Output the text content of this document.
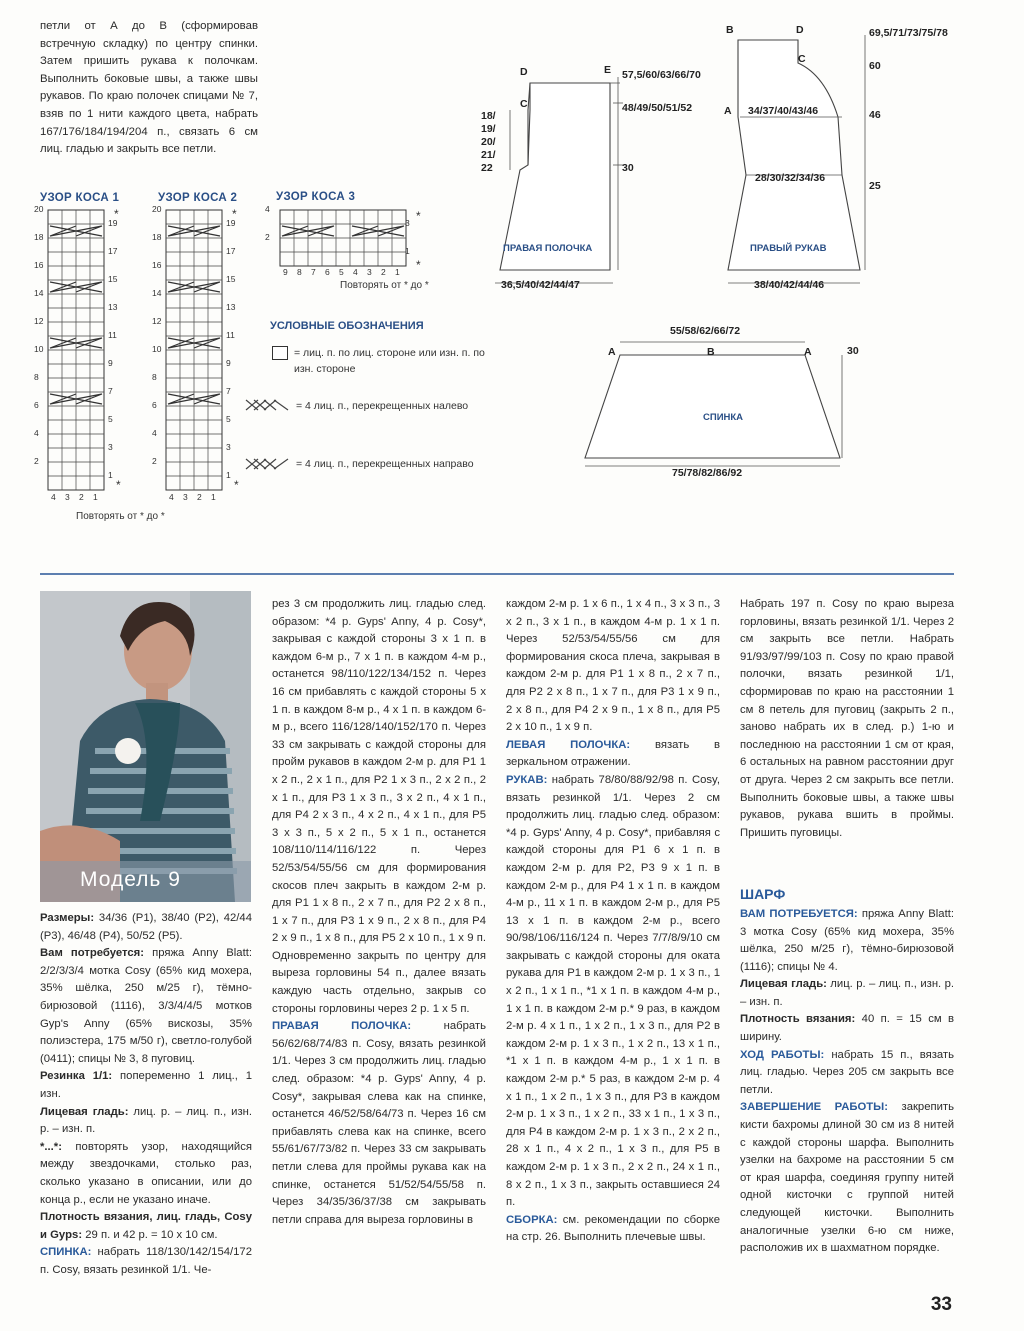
петли от А до В (сформировав встречную складку) по центру спинки. Затем пришить рукава к полочкам. Выполнить боковые швы, а также швы рукавов. По краю полочек спицами № 7, взяв по 1 нити каждого цвета, набрать 167/176/184/194/204 п., связать 6 см лиц. гладью и закрыть все петли.
УЗОР КОСА 1	УЗОР КОСА 2	УЗОР КОСА 3
20
18
16
14
12
10
8
6
4
2
19
17
15
13
11
9
7
5
3
1
4 3 2 1
20
18
16
14
12
10
8
6
4
2
19
17
15
13
11
9
7
5
3
1
4 3 2 1
4
2
3
1
9 8 7 6 5 4 3 2 1
Повторять от * до *
Повторять от * до *
УСЛОВНЫЕ ОБОЗНАЧЕНИЯ
= лиц. п. по лиц. стороне или изн. п. по изн. стороне
= 4 лиц. п., перекрещенных налево
= 4 лиц. п., перекрещенных направо
D	E
C
57,5/60/63/66/70
48/49/50/51/52
30
18/
19/
20/
21/
22
ПРАВАЯ ПОЛОЧКА
36,5/40/42/44/47
B	D
C
A
69,5/71/73/75/78
60
46
25
34/37/40/43/46
28/30/32/34/36
ПРАВЫЙ РУКАВ
38/40/42/44/46
55/58/62/66/72
A	B	A	30
СПИНКА
75/78/82/86/92
Модель 9

Размеры: 34/36 (Р1), 38/40 (Р2), 42/44 (Р3), 46/48 (Р4), 50/52 (Р5).

Вам потребуется: пряжа Anny Blatt: 2/2/3/3/4 мотка Cosy (65% кид мохера, 35% шёлка, 250 м/25 г), тёмно-бирюзовой (1116), 3/3/4/4/5 мотков Gyp's Anny (65% вискозы, 35% полиэстера, 175 м/50 г), светло-голубой (0411); спицы № 3, 8 пуговиц.

Резинка 1/1: попеременно 1 лиц., 1 изн.

Лицевая гладь: лиц. р. – лиц. п., изн. р. – изн. п.

*...*: повторять узор, находящийся между звездочками, столько раз, сколько указано в описании, или до конца р., если не указано иначе.

Плотность вязания, лиц. гладь, Cosy и Gyps: 29 п. и 42 р. = 10 х 10 см.

СПИНКА: набрать 118/130/142/154/172 п. Cosy, вязать резинкой 1/1. Че-

рез 3 см продолжить лиц. гладью след. образом: *4 р. Gyps' Anny, 4 р. Cosy*, закрывая с каждой стороны 3 х 1 п. в каждом 6-м р., 7 х 1 п. в каждом 4-м р., останется 98/110/122/134/152 п. Через 16 см прибавлять с каждой стороны 5 х 1 п. в каждом 8-м р., 4 х 1 п. в каждом 6-м р., всего 116/128/140/152/170 п. Через 33 см закрывать с каждой стороны для пройм рукавов в каждом 2-м р. для Р1 1 х 2 п., 2 х 1 п., для Р2 1 х 3 п., 2 х 2 п., 2 х 1 п., для Р3 1 х 3 п., 3 х 2 п., 4 х 1 п., для Р4 2 х 3 п., 4 х 2 п., 4 х 1 п., для Р5 3 х 3 п., 5 х 2 п., 5 х 1 п., останется 108/110/114/116/122 п. Через 52/53/54/55/56 см для формирования скосов плеч закрыть в каждом 2-м р. для Р1 1 х 8 п., 2 х 7 п., для Р2 2 х 8 п., 1 х 7 п., для Р3 1 х 9 п., 2 х 8 п., для Р4 2 х 9 п., 1 х 8 п., для Р5 2 х 10 п., 1 х 9 п. Одновременно закрыть по центру для выреза горловины 54 п., далее вязать каждую часть отдельно, закрыв со стороны горловины через 2 р. 1 х 5 п.

ПРАВАЯ ПОЛОЧКА: набрать 56/62/68/74/83 п. Cosy, вязать резинкой 1/1. Через 3 см продолжить лиц. гладью след. образом: *4 р. Gyps' Anny, 4 р. Cosy*, закрывая слева как на спинке, останется 46/52/58/64/73 п. Через 16 см прибавлять слева как на спинке, всего 55/61/67/73/82 п. Через 33 см закрывать петли слева для проймы рукава как на спинке, останется 51/52/54/55/58 п. Через 34/35/36/37/38 см закрывать петли справа для выреза горловины в

каждом 2-м р. 1 х 6 п., 1 х 4 п., 3 х 3 п., 3 х 2 п., 3 х 1 п., в каждом 4-м р. 1 х 1 п. Через 52/53/54/55/56 см для формирования скоса плеча, закрывая в каждом 2-м р. для Р1 1 х 8 п., 2 х 7 п., для Р2 2 х 8 п., 1 х 7 п., для Р3 1 х 9 п., 2 х 8 п., для Р4 2 х 9 п., 1 х 8 п., для Р5 2 х 10 п., 1 х 9 п.

ЛЕВАЯ ПОЛОЧКА: вязать в зеркальном отражении.

РУКАВ: набрать 78/80/88/92/98 п. Cosy, вязать резинкой 1/1. Через 2 см продолжить лиц. гладью след. образом: *4 р. Gyps' Anny, 4 р. Cosy*, прибавляя с каждой стороны для Р1 6 х 1 п. в каждом 2-м р. для Р2, Р3 9 х 1 п. в каждом 2-м р., для Р4 1 х 1 п. в каждом 4-м р., 11 х 1 п. в каждом 2-м р., для Р5 13 х 1 п. в каждом 2-м р., всего 90/98/106/116/124 п. Через 7/7/8/9/10 см закрывать с каждой стороны для оката рукава для Р1 в каждом 2-м р. 1 х 3 п., 1 х 2 п., 1 х 1 п., *1 х 1 п. в каждом 4-м р., 1 х 1 п. в каждом 2-м р.* 9 раз, в каждом 2-м р. 4 х 1 п., 1 х 2 п., 1 х 3 п., для Р2 в каждом 2-м р. 1 х 3 п., 1 х 2 п., 13 х 1 п., *1 х 1 п. в каждом 4-м р., 1 х 1 п. в каждом 2-м р.* 5 раз, в каждом 2-м р. 4 х 1 п., 1 х 2 п., 1 х 3 п., для Р3 в каждом 2-м р. 1 х 3 п., 1 х 2 п., 33 х 1 п., 1 х 3 п., для Р4 в каждом 2-м р. 1 х 3 п., 2 х 2 п., 28 х 1 п., 4 х 2 п., 1 х 3 п., для Р5 в каждом 2-м р. 1 х 3 п., 2 х 2 п., 24 х 1 п., 8 х 2 п., 1 х 3 п., закрыть оставшиеся 24 п.

СБОРКА: см. рекомендации по сборке на стр. 26. Выполнить плечевые швы.

Набрать 197 п. Cosy по краю выреза горловины, вязать резинкой 1/1. Через 2 см закрыть все петли. Набрать 91/93/97/99/103 п. Cosy по краю правой полочки, вязать резинкой 1/1, сформировав по краю на расстоянии 1 см 8 петель для пуговиц (закрыть 2 п., заново набрать их в след. р.) 1-ю и последнюю на расстоянии 1 см от края, 6 остальных на равном расстоянии друг от друга. Через 2 см закрыть все петли. Выполнить боковые швы, а также швы рукавов, рукава вшить в проймы. Пришить пуговицы.

ШАРФ

ВАМ ПОТРЕБУЕТСЯ: пряжа Anny Blatt: 3 мотка Cosy (65% кид мохера, 35% шёлка, 250 м/25 г), тёмно-бирюзовой (1116); спицы № 4.

Лицевая гладь: лиц. р. – лиц. п., изн. р. – изн. п.

Плотность вязания: 40 п. = 15 см в ширину.

ХОД РАБОТЫ: набрать 15 п., вязать лиц. гладью. Через 205 см закрыть все петли.

ЗАВЕРШЕНИЕ РАБОТЫ: закрепить кисти бахромы длиной 30 см из 8 нитей с каждой стороны шарфа. Выполнить узелки на бахроме на расстоянии 5 см от края шарфа, соединяя группу нитей одной кисточки с группой нитей следующей кисточки. Выполнить аналогичные узелки 6-ю см ниже, расположив их в шахматном порядке.

33
*
*
*
*
*
*
